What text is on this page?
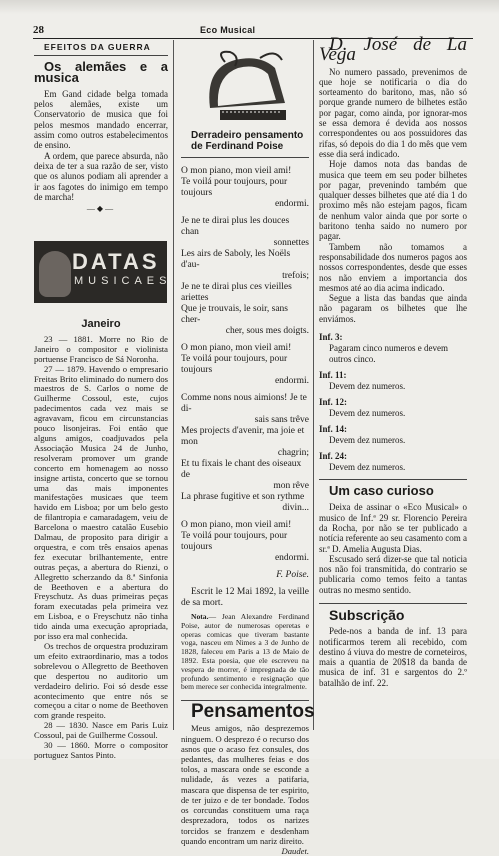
28	Eco Musical

EFEITOS DA GUERRA

Os alemães e a musica

Em Gand cidade belga tomada pelos alemães, existe um Conservatorio de musica que foi pelos mesmos mandado encerrar, assim como outros estabelecimentos de ensino.

A ordem, que parece absurda, não deixa de ter a sua razão de ser, visto que os alunos podiam ali aprender a ir aos fagotes do inimigo em tempo de marcha!

—◆—
DATAS
MUSICAES
Janeiro

23 — 1881. Morre no Rio de Janeiro o compositor e violinista portuense Francisco de Sá Noronha.

27 — 1879. Havendo o empresario Freitas Brito eliminado do numero dos maestros de S. Carlos o nome de Guilherme Cossoul, este, cujos padecimentos cada vez mais se agravavam, ficou em circunstancias pouco lisonjeiras. Foi então que alguns amigos, coadjuvados pela Associação Musica 24 de Junho, resolveram promover um grande concerto em homenagem ao nosso insigne artista, concerto que se tornou uma das mais imponentes manifestações musicaes que teem havido em Lisboa; por um belo gesto de filantropia e camaradagem, veiu de Barcelona o maestro catalão Eusebio Dalmau, de proposito para dirigir a orquestra, e com três ensaios apenas fez executar brilhantemente, entre outras peças, a abertura do Rienzi, o Allegretto scherzando da 8.ª Sinfonia de Beethoven e a abertura do Freyschutz. As duas primeiras peças foram executadas pela primeira vez em Lisboa, e o Freyschutz não tinha tido ainda uma execução apropriada, por isso era mal conhecida.

Os trechos de orquestra produziram um efeito extraordinario, mas a todos sobrelevou o Allegretto de Beethoven que despertou no auditorio um verdadeiro delirio. Foi só desde esse acontecimento que entre nós se começou a citar o nome de Beethoven com grande respeito.

28 — 1830. Nasce em Paris Luiz Cossoul, pai de Guilherme Cossoul.

30 — 1860. Morre o compositor portuguez Santos Pinto.

Derradeiro pensamento

de Ferdinand Poise

O mon piano, mon vieil ami!
Te voilá pour toujours, pour toujours
endormi.
Je ne te dirai plus les douces chan
sonnettes
Les airs de Saboly, les Noëls d'au-
trefois;
Je ne te dirai plus ces vieilles ariettes
Que je trouvais, le soir, sans cher-
cher, sous mes doigts.
O mon piano, mon vieil ami!
Te voilá pour toujours, pour toujours
endormi.
Comme nons nous aimions! Je te di-
sais sans trêve
Mes projects d'avenir, ma joie et mon
chagrin;
Et tu fixais le chant des oiseaux de
mon rêve
La phrase fugitive et son rythme
divin...
O mon piano, mon vieil ami!
Te voilá pour toujours, pour toujours
endormi.
F. Poise.

Escrit le 12 Mai 1892, la veille de sa mort.

Nota.— Jean Alexandre Ferdinand Poise, autor de numerosas operetas e operas comicas que tiveram bastante voga, nasceu em Nimes a 3 de Junho de 1828, faleceu em Paris a 13 de Maio de 1892. Esta poesia, que ele escreveu na vespera de morrer, é impregnada de tão profundo sentimento e resignação que bem merece ser conhecida integralmente.

Pensamentos

Meus amigos, não desprezemos ninguem. O desprezo é o recurso dos asnos que o acaso fez consules, dos pedantes, das mulheres feias e dos tolos, a mascara onde se esconde a nulidade, ás vezes a patifaria, mascara que dispensa de ter espirito, de ter juizo e de ter bondade. Todos os corcundas constituem uma raça desprezadora, todos os narizes torcidos se franzem e desdenham quando encontram um nariz direito.

Daudet.

D. José de La Vega

No numero passado, prevenimos de que hoje se notificaria o dia do sorteamento do baritono, mas, não só porque grande numero de bilhetes estão por pagar, como ainda, por ignorar-mos se essa demora é devida aos nossos correspondentes ou aos possuidores das rifas, só depois do dia 1 do mês que vem esse dia será indicado.

Hoje damos nota das bandas de musica que teem em seu poder bilhetes por pagar, prevenindo também que qualquer desses bilhetes que até dia 1 do proximo mês não estejam pagos, ficam de nenhum valor ainda que por sorte o baritono tenha saido no numero por pagar.

Tambem não tomamos a responsabilidade dos numeros pagos aos nossos correspondentes, desde que esses nos não enviem a importancia dos mesmos até ao dia acima indicado.

Segue a lista das bandas que ainda não pagaram os bilhetes que lhe enviámos.

Inf. 3:
Pagaram cinco numeros e devem outros cinco.
Inf. 11:
Devem dez numeros.
Inf. 12:
Devem dez numeros.
Inf. 14:
Devem dez numeros.
Inf. 24:
Devem dez numeros.

Um caso curioso

Deixa de assinar o «Eco Musical» o musico de Inf.ª 29 sr. Florencio Pereira da Rocha, por não se ter publicado a notícia referente ao seu casamento com a sr.ª D. Amelia Augusta Dias.

Escusado será dizer-se que tal noticia nos não foi transmitida, do contrario se publicaria como temos feito a tantas outras no mesmo sentido.

Subscrição

Pede-nos a banda de inf. 13 para notificarmos terem ali recebido, com destino á viuva do mestre de corneteiros, mais a quantia de 20$18 da banda de musica de inf. 31 e sargentos do 2.º batalhão de inf. 22.
